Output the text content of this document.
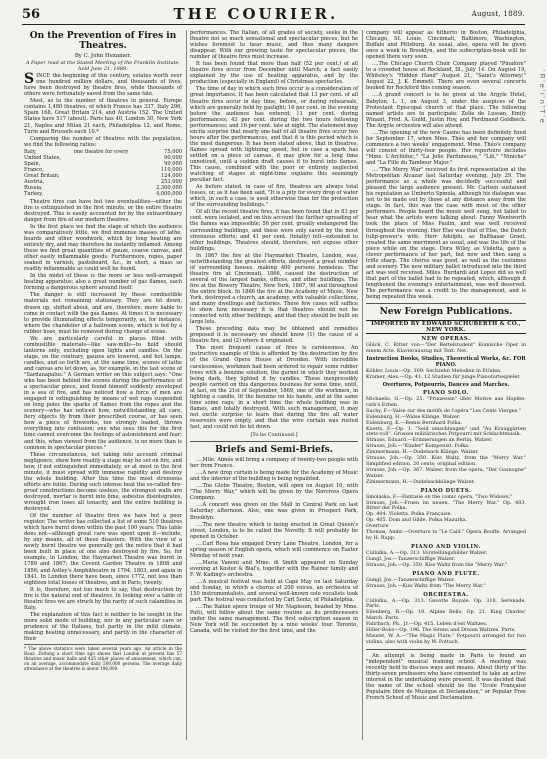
56	THE COURIER.	August, 1889.
'R'e'i'n'T'e
On the Prevention of Fires in Theatres.
By C. John Hexamer.
A Paper read at the Stated Meeting of the Franklin Institute, held June 21, 1889.

SINCE the beginning of this century, estates worth over one hundred million dollars, and thousands of lives, have been destroyed by theatre fires, while thousands of others were fortunately saved from the same fate.

Most, as to the number of theatres in general. Europe contains 1,480 theatres, of which France has 337, Italy 296, Spain 168, Great Britain 214, and Austria 152. The United States have 517 (about). Paris has 40, London 30, New York 21, Naples and Milan 21 each, Philadelphia 12, and Rome, Turin and Brussels each 10.*

Comparing the number of theatres with the population, we find the following ratios:

Italy,	one theatre for every	75,000
United States,		90,000
Spain,		99,000
France,		110,000
Great Britain,		124,000
Austria,		253,000
Russia,		2,300,000
Turkey,		4,000,000

Theatre fires can have but two eventualities—either the fire is extinguished in the first minute, or the entire theatre destroyed. This is easily accounted for by the extraordinary danger from fire of our modern theatres.

In the first place we find the stage of which the audience was comparatively little, we find immense masses of lathe, boards and other woodwork, which by long heating are entirely dry, and may therefore be instantly inflamed. Among these we find great quantities of gauze, coarse canvas, and other easily inflammable goods. Furthermore, ropes, paper soaked in varnish, pasteboard, &c., in short, a mass so readily inflammable as could well be found.

In the midst of these is the more or less well-arranged heating apparatus; also a great number of gas flames, each forming a dangerous sphere around itself.

The danger is still increased by these combustible materials not remaining stationary. They are let down, drawn up, shifted about, and are, therefore, more liable to come in contact with the gas flames. At times it is necessary to provide illuminating effects temporarily, as, for instance, where the chandelier of a ballroom scene, which is fed by a rubber hose, must be removed during change of scene.

We are particularly careful in places filled with combustible materials—like saw-mills—to hold should lanterns only, excluding open lights and candles. On the stage, on the contrary, gauzes are lowered, and hot lamps, candles, and so forth are, at the same time, scenes of lathe and canvas are let down, as, for example, in the last scene of "Sardanapalus." A German writer on this subject says: "One who has been behind the scenes during the performance of a spectacular piece, and found himself suddenly enveloped in a sea of fire, and has noticed how a force of men are engaged in extinguishing by means of wet rags suspended on long poles the sparks of flames from the ropes and the scenery—who has noticed how, notwithstanding all care, fiery objects fly from their prescribed course, or has seen how a piece of fireworks, too strongly loaded, throws everything into confusion; one who sees this for the first time cannot overcome the feelings of astonishment and fear; and this, when viewed from the audience, is no more than is common in spectacular pieces."

These circumstances, not taking into account criminal negligence, show how readily a stage may be set on fire, and how, if not extinguished immediately, or at most in the first minute, it must spread with immense rapidity and destroy the whole building. After this time the most strenuous efforts are futile. During such intense heat the so-called fire-proof constructions become useless, the strongest walls are destroyed, mortar is burnt into lime, asbestos disintegrates, wrought iron loses all tenacity, and the entire building is destroyed.

Of the number of theatre fires we have but a poor register. The writer has collected a list of some 510 theatres which have burnt down within the past 100 years. This table does not—although great care was spent upon it—include, by any means, all of these disasters. With the view of a newly burnt theatre we generally get the notice that it had been built in place of one also destroyed by fire. So, for example, in London, the Haymarket Theatre was burnt in 1789 and 1867; the Covent Garden Theatre in 1808 and 1856; and Astley's Amphitheatre in 1794, 1803, and again in 1841. In London there have been, since 1772, not less than eighteen total losses of theatres, and in Paris, twenty.

It is, therefore, not too much to say, that destruction by fire is the natural end of theatres. In looking over a table of theatre fires we are struck by the rarity of such calamities in Italy.

The explanation of this fact is neither to be sought in the more solid mode of building, nor in any particular care or prudence of the Italians, but partly in the mild climate, making heating unnecessary, and partly in the character of their

* The above statistics were taken several years ago. An article in the Bauz. Zeitung a short time ago shows that London at present has 57 theatres and music halls and 425 other places of amusement, which can, on an average, accommodate daily 500,000 persons. The average daily attendance at the theatres is about 106,000.

performances. The Italian, of all grades of society, seeks in the theatre not so much sensational and spectacular pieces, but he wishes foremost to hear music, and thus many dangers disappear. With our growing taste for spectacular pieces, the number of theatre fires must increase.

It has been found that more than half (52 per cent.) of all theatre fires occur from December until March; a fact easily explained by the use of heating apparatus, and by the production (especially in England) of Christmas spectacles.

The time of day in which such fires occur is a consideration of great importance. It has been calculated that 13 per cent. of all theatre fires occur in day time, before, or during rehearsals, which are generally held by gaslight; 16 per cent. in the evening before the audience has entered; 11 per cent. during performances; 43 per cent. during the two hours following performances; and 16 per cent. late at night. The statement may excite surprise that nearly one-half of all theatre fires occur two hours after the performances, and that it is this period which is the most dangerous. It has been stated above, that in theatres, flames spread with lightning speed, but in case a spark has settled on a piece of canvas, it may glow for a long time unnoticed, until a sudden draft causes it to burst into flames. This cause, combined with the poor or entirely neglected watching of stages at night-time explains this seemingly peculiar fact.

As before stated, in case of fire, theatres are always total losses, or, as it has been said, "It is a pity for every drop of water which, in such a case, is used otherwise than for the protection of the surrounding buildings."

Of all the recent theatre fires, it has been found that in 83 per cent. were isolated, and on this account the further spreading of the flames was impossible; 56 per cent. greatly endangered the surrounding buildings, and these were only saved by the most strenuous efforts; and 41 per cent. (totally) fell—extended to other buildings. Theatres should, therefore, not expose other buildings.

In 1867 the fire at the Haymarket Theatre, London, was, notwithstanding the greatest efforts, destroyed a great number of surrounding houses, making 400 persons homeless. The theatre fire at Cincinnati, 1866, caused the destruction of several of the largest banks, offices, and other buildings. The fire at the Bowery Theatre, New York, 1867, 90 and throughout the entire block. In 1866 the fire at the Academy of Music, New York, destroyed a church, an academy, with valuable collections, and many dwellings and factories. These few cases will suffice to show how necessary it is that theatres should not be connected with other buildings, and that they should be built on large lots.

These preceding data may be obtained and remedies proposed it is necessary we should know (1) the cause of a theatre fire, and (2) where it originated.

The most frequent cause of fires is carelessness. An instructive example of this is afforded by the destruction by fire of the Grand Opera House at Dresden. With incredible carelessness, workmen had been ordered to repair some rubber trees with a benzine solution; the gurnet in which they worked being dark, they lighted it by candles. These inexpressibly people carried on this dangerous business for some time, until, at last, on the 21st of September, 1869, one of the workmen, in lighting a candle, lit the benzine on his hands, and at the same time some rags; in a short time the whole building was in flames, and totally destroyed. With such management, it may not excite surprise to learn that during the fire all water reservoirs were empty, and that the wire curtain was rusted fast, and could not be let down.

[To be Continued.]
Briefs and Semi-Briefs.

....Mlle. Aimée will bring a company of twenty-two people with her from France.

....A new drop curtain is being made for the Academy of Music and the interior of the building is being repainted.

....The Globe Theatre, Boston, will open on August 10, with "The Merry War," which will be given by the Norcross Opera Company.

....A concert was given on the Mall in Central Park on last Saturday afternoon. Also, one was given in Prospect Park, Brooklyn.

....The new theatre which is being erected in Great Queen's street, London, is to be called the Novelty. It will probably be opened in October.

....Carl Rosa has engaged Drury Lane Theatre, London, for a spring season of English opera, which will commence on Easter Monday of next year.

....Maria Vanoni and Mme. di Smith appeared on Sunday evening at Koster & Bial's, together with the Rainer family and F. W. Kading's orchestra.

....A musical festival was held at Cape May on last Saturday and Sunday, in which a chorus of 200 voices, an orchestra of 150 instrumentalists, and several well-known solo vocalists took part. The festival was conducted by Carl Sentz, of Philadelphia.

....The Italian opera troupe of Mr. Mapleson, headed by Mme. Patti, will follow about the same routine as its predecessors under the same management. The first subscription season in New York will be succeeded by a nine weeks' tour. Toronto, Canada, will be visited for the first time, and the

company will appear as hitherto in Boston, Philadelphia, Chicago, St. Louis, Cincinnati, Baltimore, Washington, Buffalo and Pittsburg. As usual, also, opera will be given once a week in Brooklyn, and the subscription-book will be opened there very soon.

....The Chicago Church Choir Company played "Pinafore" to a crowded house at Rockland, Ill., July 14. On August 19, Whiteley's "Hidden Hand" August 21, "Saint's Attorney;" August 22, J. K. Emmett. There are even several concerts booked for Rockford this coming season.

....A grand concert is to be given at the Argyle Hotel, Babylon, L. I., on August 3, under the auspices of the Protestant Episcopal church of that place. The following named artists are to participate: Zelie de Lussan, Emily Winant, Fred. A. Guild, Justin Hoy, and Ferdinand Goldbeck. The Argyle orchestra will also attend.

....The opening of the new Casino has been definitely fixed for September 17, when Mme. Théo and her company will commence a two weeks' engagement. Mme. Théo's company will consist of thirty-four people. Her repertoire includes "Mme. L'Archiduc," "La Jolie Parfumeuse," "Lili," "Niniche" and "La Fille du Tambour Major."

...."The Merry War" received its first representation at the Metropolitan Alcazar last Saturday evening, July 29. The performance as a whole was decidedly successful and pleased the large audience present. Mr. Carlsen sustained his reputation as Umberto Spinola, although his dialogue was not to be made out by those at any distance away from the stage. In fact, this was the case with most of the other performers. People heard the music well sung, but failed to hear what the artists were talking about. Fanny Wentworth took the place of Miss Paulin, and was well received throughout the evening. Her Else was that of Else, the Dutch tulip-grower's wife. Herr Adolphi, as Balthasar Groot, created the same merriment as usual, and was the life of the piece while on the stage. Dora Wiley, as Violetta, gave a clever performance of her part, but now and then sang a trifle sharp. The chorus was good, as well as the costumes and scenery. The new military ballet introduced into the third act was well received. Miles. Burdardi and Lopez did so well that part of the ballet had to be repeated, which, although it lengthened the evening's entertainment, was well deserved. The performance was a credit to the management, and is being repeated this week.

New Foreign Publications.
IMPORTED BY EDWARD SCHUBERTH & CO., NEW YORK.
NEW OPERAS.

Glück, C. Ritter von—"Der Bettelstudent" Komische Oper in einem Acte. Klavierauszug mit Text. Net.

Instruction Books, Studies, Theoretical Works, &c. FOR PIANO.

Köhler, Louis—Op. 309. Sechzehn Melodien in Etüden.

Kramer, Alex.—Op. 41. 12 Studien für junge Pianofortespieler.

Overtures, Potpourris, Dances and Marches.
PIANO SOLO.

Michaelis, G.—Op. 25. "Prinzessin" über Motive aus Hopfen-rath's Erben.

Suchy, F.—Valse sur des motifs de l'opéra "Les Cents Vierges."

Eulenburg, H.—Walse Klänge. Walzer.

Eulenburg, K.—Bemis Bernhard Polka.

Kuerts, F.—Op. 1. "Seid umschlungen" und "Au Krauggärten stets-voll". Grosses militärisches Potpourri mit Schlachtmusik.

Strauss, Eduard.—Erinnerungen an Berlin. Walzer.

Strauss, Joh.—"Kinder" Komponist. Polka.

Zimmermann, H.—Dudelsack Klänge. Walzer.

Strauss, Joh.—Op. 350. Kiss Waltz, from the "Merry War." Simplified edition, 20 cents; original edition.

Strauss, Joh.—Op. 367. Walzer, from the opera, "Der Gasnogne" Walzer.

Zimmermann, H.—Dudelsackklänge Walzer.

PIANO DUETS.

Smolaska, F.—Fantasie on the comic opera, "Two Widows."

Strauss, Joh.—Fruen im neuen, "The Merry War." Op. 403. Ritter der Polka.

Op. 404. Violetta. Polka Française.

Op. 405. Dom and Gilde. Polka Mazurka.

Overture

Thomas, Ambr.—Overture to "Le Caïd." Opera Bouffe. Arranged by H. Rupp.

PIANO AND VIOLIN.

Cullulka, A.—Op. 313. Vorstellungsbilder Walzer.

Gungl, Jos.—Tanzerschiffige Walzer.

Strauss, Joh.—Op. 350. Kiss Waltz from the "Merry War."

PIANO AND FLUTE.

Gungl, Jos.—Tanzerschiffige Walzer.

Strauss, Joh.—Kiss Waltz from "The Merry War."

ORCHESTRA.

Cullulka, A.—Op. 313. Gavotte Royale. Op. 318. Serenade. Parts.

Eilenberg, R.—Op. 19. Alpine Bells; Op. 21. King Charles' March. Parts.

Fahrbach, Ph., Jr.—Op. 415. Leben d'est Waltzes.

Hiller-Bobo—Op. 196. The Sirens and Dream Waltzes. Parts.

Mauret, W. A.—"The Magic Flute." Potpourri arranged for two violins, also with violin by W. Pottach.

An attempt is being made in Paris to found an "independent" musical training school. A meeting was recently held to discuss ways and means. About thirty of the thirty-seven professors who have consented to take an active interest in the undertaking were present. It was decided that the name of the school should be the "Ecole Française Populaire libre de Musique et Déclamation," or Popular Free French School of Music and Declamation.
